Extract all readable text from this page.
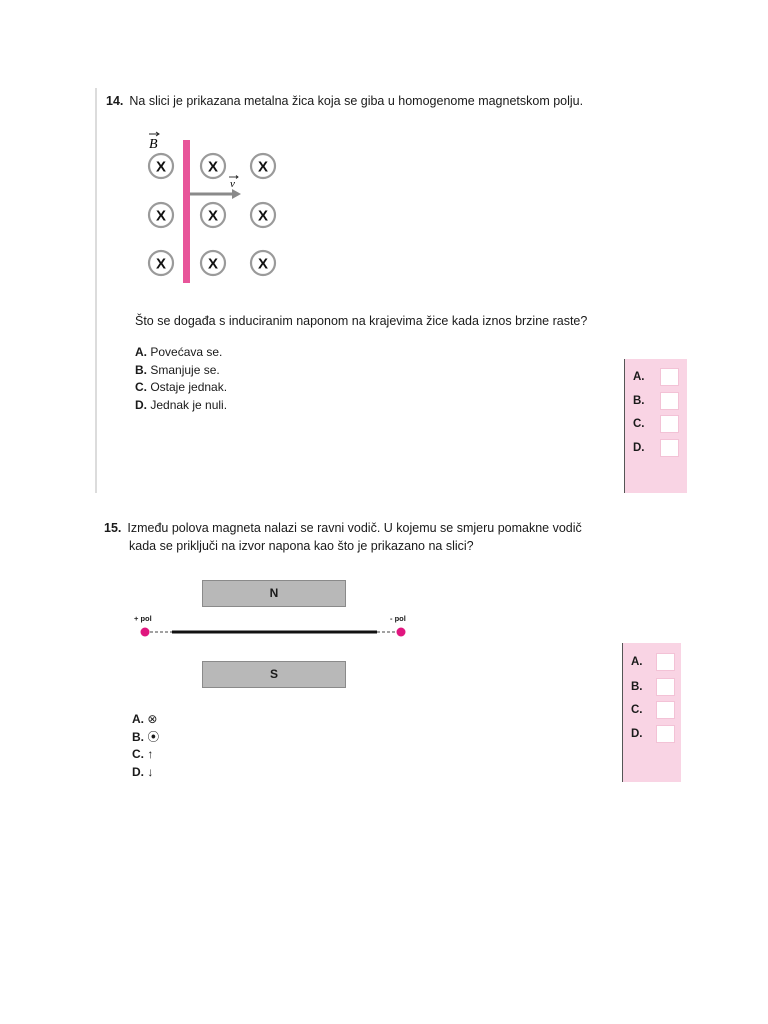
14. Na slici je prikazana metalna žica koja se giba u homogenome magnetskom polju.
B
X	X	X
X	X	X
X	X	X
v
Što se događa s induciranim naponom na krajevima žice kada iznos brzine raste?
A. Povećava se.
B. Smanjuje se.
C. Ostaje jednak.
D. Jednak je nuli.
A.
B.
C.
D.
15. Između polova magneta nalazi se ravni vodič. U kojemu se smjeru pomakne vodič
kada se priključi na izvor napona kao što je prikazano na slici?
N
S
+ pol	- pol
A. ⊗
B. ⦿
C. ↑
D. ↓
A.
B.
C.
D.
